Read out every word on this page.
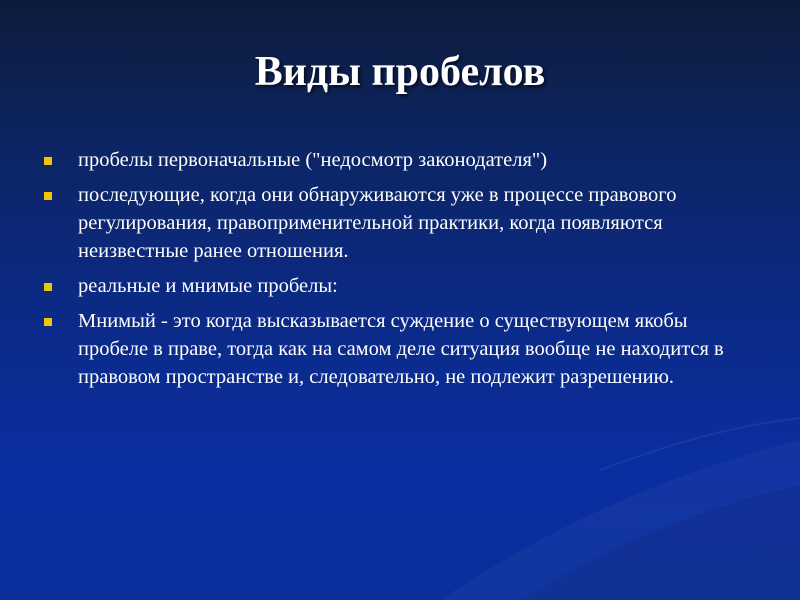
Виды пробелов
пробелы первоначальные ("недосмотр законодателя")
последующие, когда они обнаруживаются уже в процессе правового регулирования, правоприменительной практики, когда появляются неизвестные ранее отношения.
реальные и мнимые пробелы:
Мнимый - это когда высказывается суждение о существующем якобы пробеле в праве, тогда как на самом деле ситуация вообще не находится в правовом пространстве и, следовательно, не подлежит разрешению.
